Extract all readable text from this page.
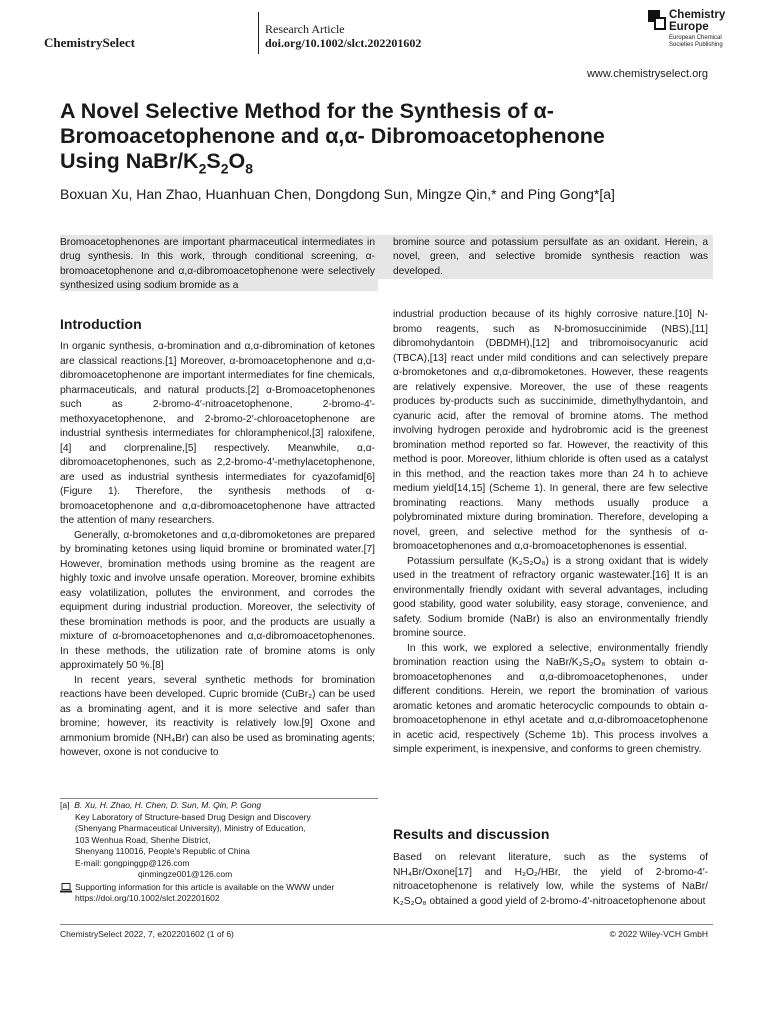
ChemistrySelect
Research Article
doi.org/10.1002/slct.202201602
Chemistry Europe
European Chemical Societies Publishing
www.chemistryselect.org
A Novel Selective Method for the Synthesis of α-
Bromoacetophenone and α,α- Dibromoacetophenone
Using NaBr/$K_2S_2O_8$
Boxuan Xu, Han Zhao, Huanhuan Chen, Dongdong Sun, Mingze Qin,* and Ping Gong*[a]
Bromoacetophenones are important pharmaceutical intermediates in drug synthesis. In this work, through conditional screening, α-bromoacetophenone and α,α-dibromoacetophenone were selectively synthesized using sodium bromide as a
bromine source and potassium persulfate as an oxidant. Herein, a novel, green, and selective bromide synthesis reaction was developed.
Introduction

In organic synthesis, α-bromination and α,α-dibromination of ketones are classical reactions.[1] Moreover, α-bromoacetophenone and α,α-dibromoacetophenone are important intermediates for fine chemicals, pharmaceuticals, and natural products.[2] α-Bromoacetophenones such as 2-bromo-4′-nitroacetophenone, 2-bromo-4′-methoxyacetophenone, and 2-bromo-2′-chloroacetophenone are industrial synthesis intermediates for chloramphenicol,[3] raloxifene,[4] and clorprenaline,[5] respectively. Meanwhile, α,α-dibromoacetophenones, such as 2,2-bromo-4′-methylacetophenone, are used as industrial synthesis intermediates for cyazofamid[6] (Figure 1). Therefore, the synthesis methods of α-bromoacetophenone and α,α-dibromoacetophenone have attracted the attention of many researchers.

Generally, α-bromoketones and α,α-dibromoketones are prepared by brominating ketones using liquid bromine or brominated water.[7] However, bromination methods using bromine as the reagent are highly toxic and involve unsafe operation. Moreover, bromine exhibits easy volatilization, pollutes the environment, and corrodes the equipment during industrial production. Moreover, the selectivity of these bromination methods is poor, and the products are usually a mixture of α-bromoacetophenones and α,α-dibromoacetophenones. In these methods, the utilization rate of bromine atoms is only approximately 50 %.[8]

In recent years, several synthetic methods for bromination reactions have been developed. Cupric bromide (CuBr₂) can be used as a brominating agent, and it is more selective and safer than bromine; however, its reactivity is relatively low.[9] Oxone and ammonium bromide (NH₄Br) can also be used as brominating agents; however, oxone is not conducive to

[a] B. Xu, H. Zhao, H. Chen, D. Sun, M. Qin, P. Gong
Key Laboratory of Structure-based Drug Design and Discovery
(Shenyang Pharmaceutical University), Ministry of Education,
103 Wenhua Road, Shenhe District,
Shenyang 110016, People's Republic of China
E-mail: gongpinggp@126.com
qinmingze001@126.com
Supporting information for this article is available on the WWW under
https://doi.org/10.1002/slct.202201602

industrial production because of its highly corrosive nature.[10] N-bromo reagents, such as N-bromosuccinimide (NBS),[11] dibromohydantoin (DBDMH),[12] and tribromoisocyanuric acid (TBCA),[13] react under mild conditions and can selectively prepare α-bromoketones and α,α-dibromoketones. However, these reagents are relatively expensive. Moreover, the use of these reagents produces by-products such as succinimide, dimethylhydantoin, and cyanuric acid, after the removal of bromine atoms. The method involving hydrogen peroxide and hydrobromic acid is the greenest bromination method reported so far. However, the reactivity of this method is poor. Moreover, lithium chloride is often used as a catalyst in this method, and the reaction takes more than 24 h to achieve medium yield[14,15] (Scheme 1). In general, there are few selective brominating reactions. Many methods usually produce a polybrominated mixture during bromination. Therefore, developing a novel, green, and selective method for the synthesis of α-bromoacetophenones and α,α-bromoacetophenones is essential.

Potassium persulfate (K₂S₂O₈) is a strong oxidant that is widely used in the treatment of refractory organic wastewater.[16] It is an environmentally friendly oxidant with several advantages, including good stability, good water solubility, easy storage, convenience, and safety. Sodium bromide (NaBr) is also an environmentally friendly bromine source.

In this work, we explored a selective, environmentally friendly bromination reaction using the NaBr/K₂S₂O₈ system to obtain α-bromoacetophenones and α,α-dibromoacetophenones, under different conditions. Herein, we report the bromination of various aromatic ketones and aromatic heterocyclic compounds to obtain α-bromoacetophenone in ethyl acetate and α,α-dibromoacetophenone in acetic acid, respectively (Scheme 1b). This process involves a simple experiment, is inexpensive, and conforms to green chemistry.

Results and discussion

Based on relevant literature, such as the systems of NH₄Br/Oxone[17] and H₂O₂/HBr, the yield of 2-bromo-4′-nitroacetophenone is relatively low, while the systems of NaBr/ K₂S₂O₈ obtained a good yield of 2-bromo-4′-nitroacetophenone about

ChemistrySelect 2022, 7, e202201602 (1 of 6)	© 2022 Wiley-VCH GmbH
